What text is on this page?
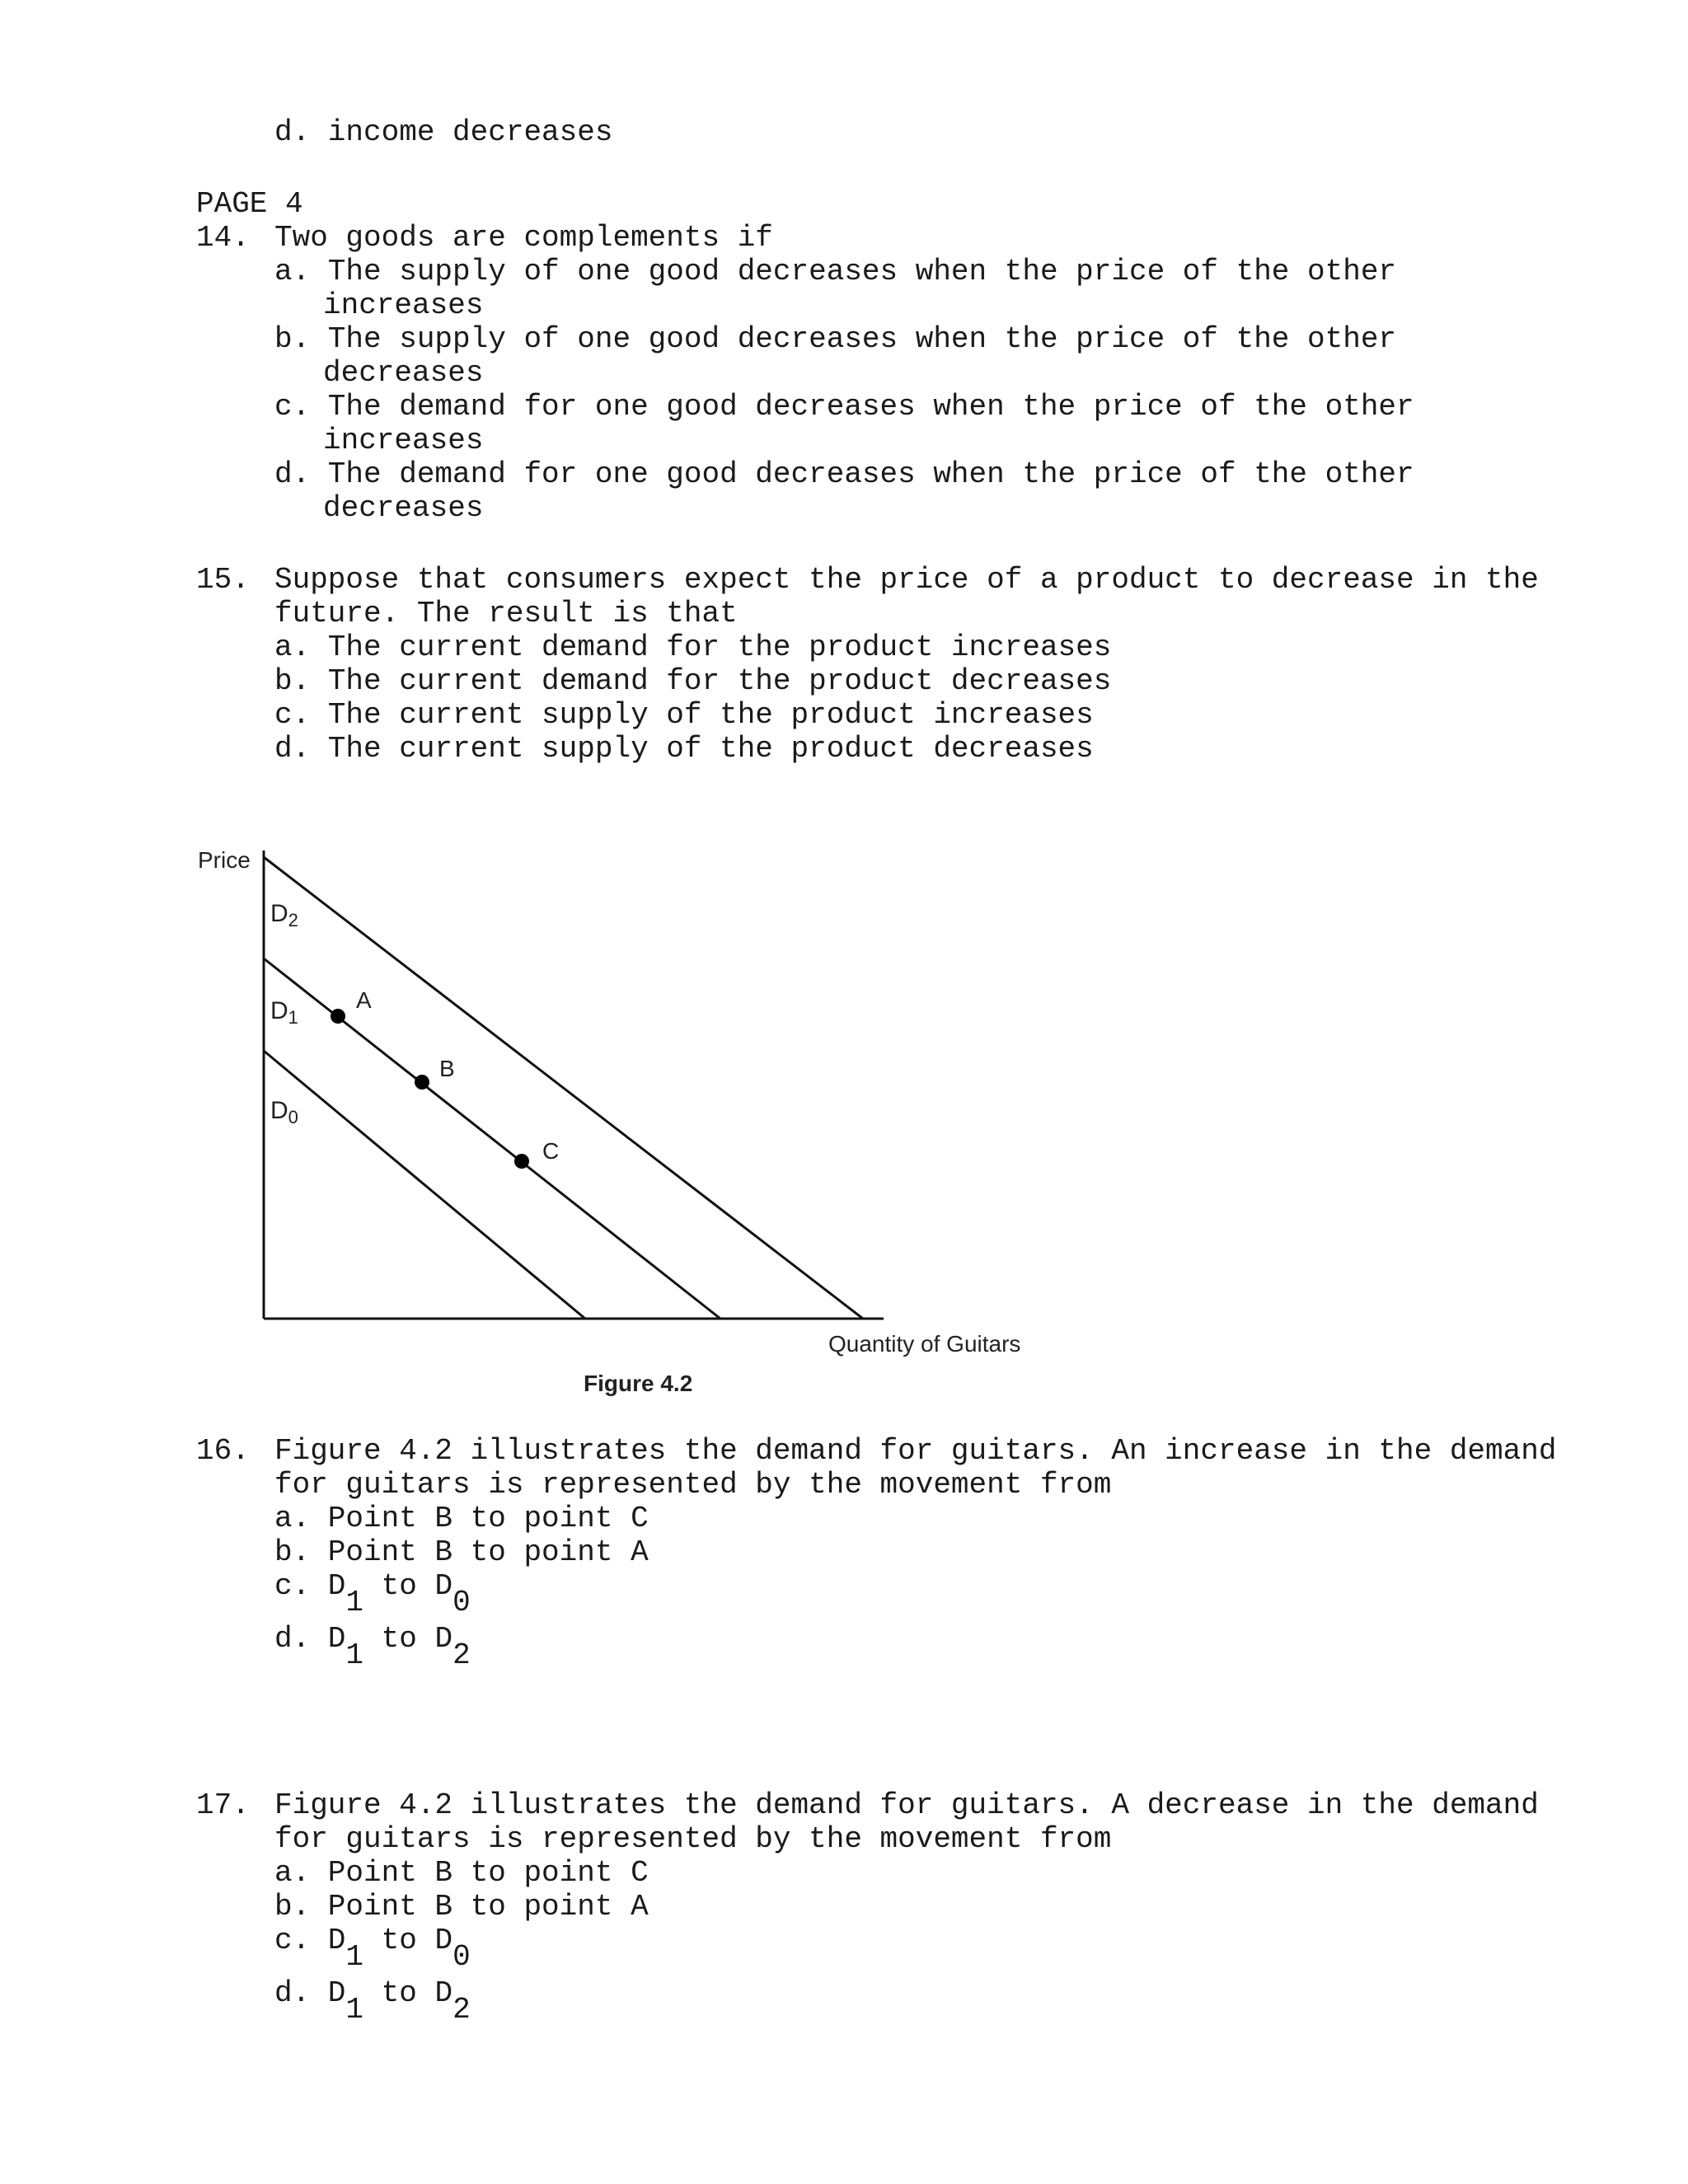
d. income decreases
PAGE 4
14. Two goods are complements if
a. The supply of one good decreases when the price of the other
increases
b. The supply of one good decreases when the price of the other
decreases
c. The demand for one good decreases when the price of the other
increases
d. The demand for one good decreases when the price of the other
decreases
15. Suppose that consumers expect the price of a product to decrease in the
future. The result is that
a. The current demand for the product increases
b. The current demand for the product decreases
c. The current supply of the product increases
d. The current supply of the product decreases
Price
Quantity of Guitars
Figure 4.2
$D_2$
$D_1$
$D_0$
A
B
C
16. Figure 4.2 illustrates the demand for guitars. An increase in the demand
for guitars is represented by the movement from
a. Point B to point C
b. Point B to point A
c. D1 to D0
d. D1 to D2
17. Figure 4.2 illustrates the demand for guitars. A decrease in the demand
for guitars is represented by the movement from
a. Point B to point C
b. Point B to point A
c. D1 to D0
d. D1 to D2
